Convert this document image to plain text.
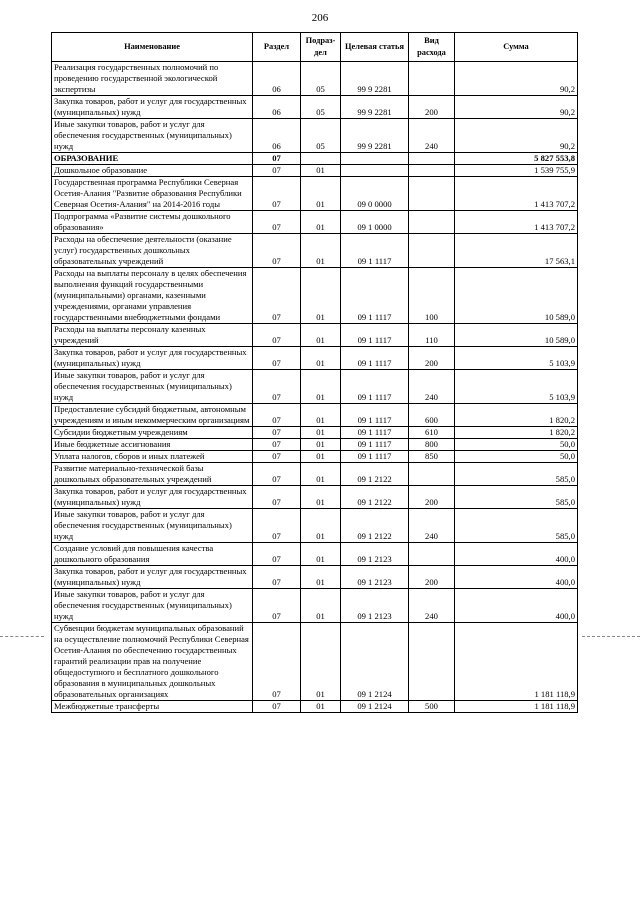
206
Наименование	Раздел	Подраз-дел	Целевая статья	Вид расхода	Сумма
Реализация государственных полномочий по проведению государственной экологической экспертизы	06	05	99 9 2281		90,2
Закупка товаров, работ и услуг для государственных (муниципальных) нужд	06	05	99 9 2281	200	90,2
Иные закупки товаров, работ и услуг для обеспечения государственных (муниципальных) нужд	06	05	99 9 2281	240	90,2
ОБРАЗОВАНИЕ	07				5 827 553,8
Дошкольное образование	07	01			1 539 755,9
Государственная программа Республики Северная Осетия-Алания "Развитие образования Республики Северная Осетия-Алания" на 2014-2016 годы	07	01	09 0 0000		1 413 707,2
Подпрограмма «Развитие системы дошкольного образования»	07	01	09 1 0000		1 413 707,2
Расходы на обеспечение деятельности (оказание услуг) государственных дошкольных образовательных учреждений	07	01	09 1 1117		17 563,1
Расходы на выплаты персоналу в целях обеспечения выполнения функций государственными (муниципальными) органами, казенными учреждениями, органами управления государственными внебюджетными фондами	07	01	09 1 1117	100	10 589,0
Расходы на выплаты персоналу казенных учреждений	07	01	09 1 1117	110	10 589,0
Закупка товаров, работ и услуг для государственных (муниципальных) нужд	07	01	09 1 1117	200	5 103,9
Иные закупки товаров, работ и услуг для обеспечения государственных (муниципальных) нужд	07	01	09 1 1117	240	5 103,9
Предоставление субсидий бюджетным, автономным учреждениям и иным некоммерческим организациям	07	01	09 1 1117	600	1 820,2
Субсидии бюджетным учреждениям	07	01	09 1 1117	610	1 820,2
Иные бюджетные ассигнования	07	01	09 1 1117	800	50,0
Уплата налогов, сборов и иных платежей	07	01	09 1 1117	850	50,0
Развитие материально-технической базы дошкольных образовательных учреждений	07	01	09 1 2122		585,0
Закупка товаров, работ и услуг для государственных (муниципальных) нужд	07	01	09 1 2122	200	585,0
Иные закупки товаров, работ и услуг для обеспечения государственных (муниципальных) нужд	07	01	09 1 2122	240	585,0
Создание условий для повышения качества дошкольного образования	07	01	09 1 2123		400,0
Закупка товаров, работ и услуг для государственных (муниципальных) нужд	07	01	09 1 2123	200	400,0
Иные закупки товаров, работ и услуг для обеспечения государственных (муниципальных) нужд	07	01	09 1 2123	240	400,0
Субвенции бюджетам муниципальных образований на осуществление полномочий Республики Северная Осетия-Алания по обеспечению государственных гарантий реализации прав на получение общедоступного и бесплатного дошкольного образования в муниципальных дошкольных образовательных организациях	07	01	09 1 2124		1 181 118,9
Межбюджетные трансферты	07	01	09 1 2124	500	1 181 118,9
